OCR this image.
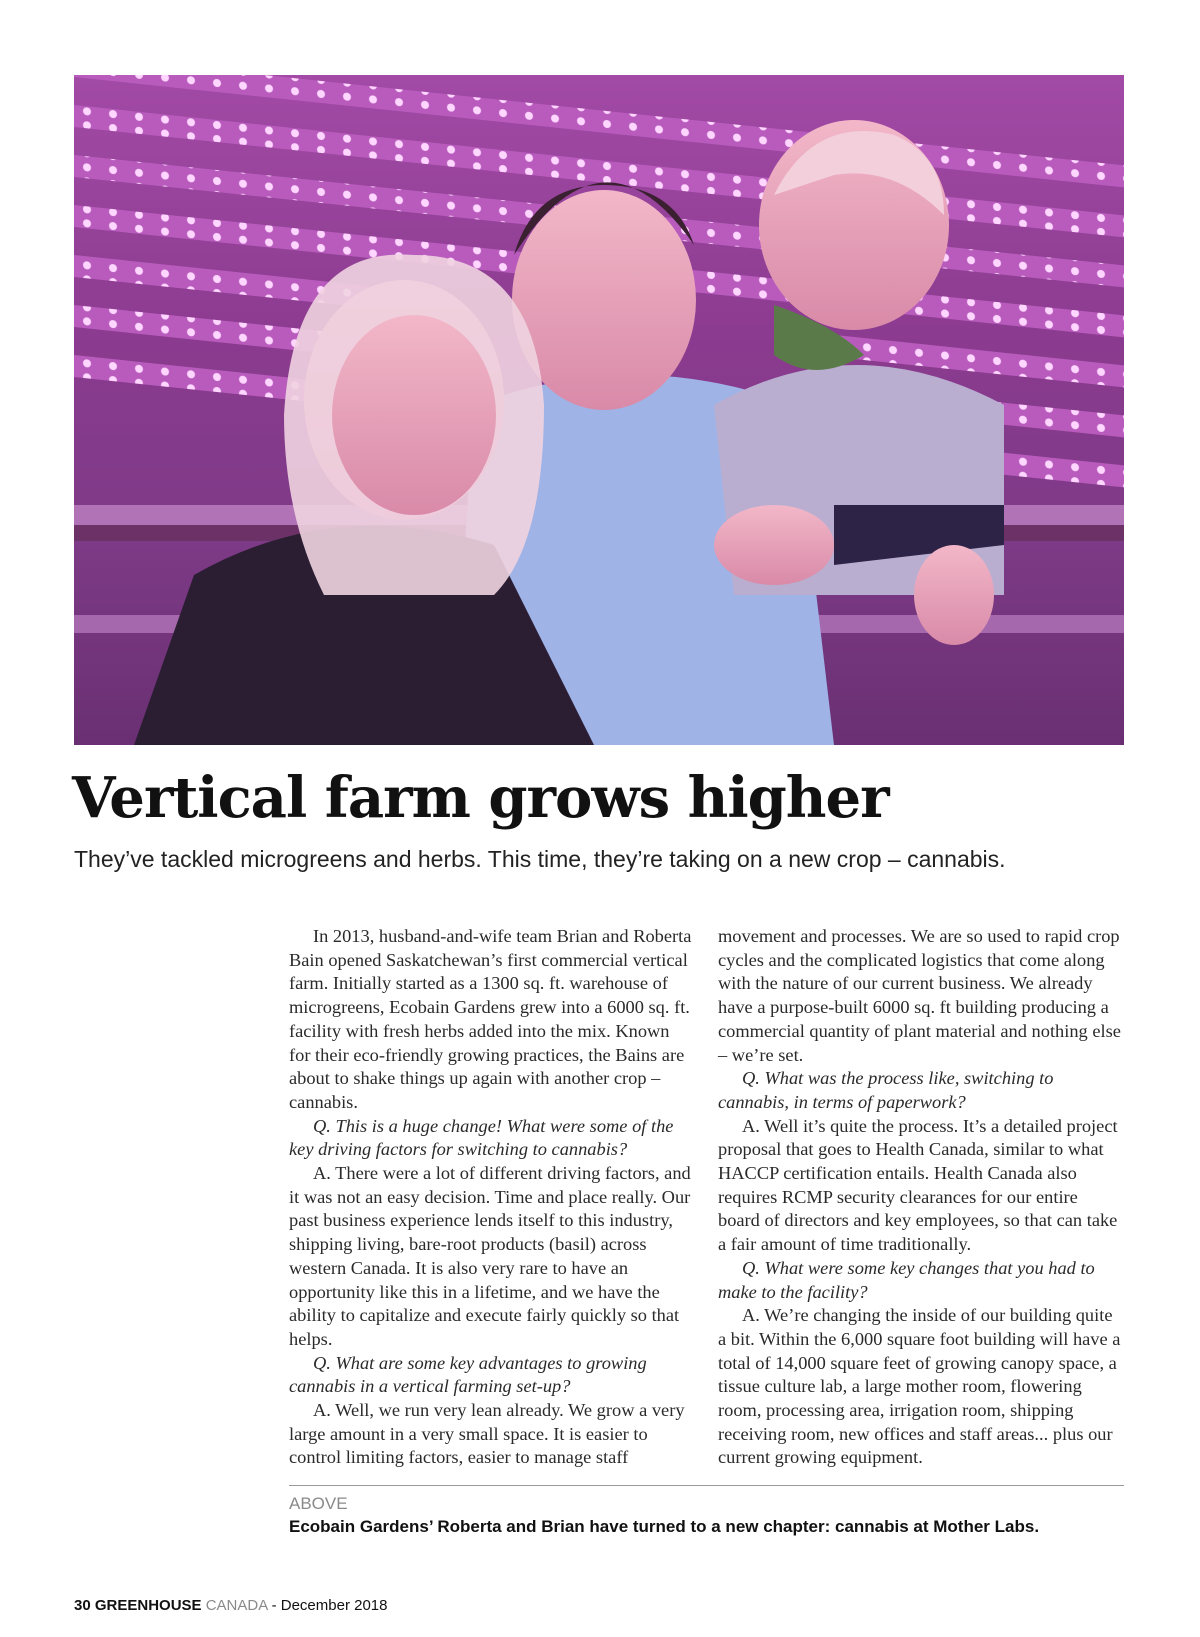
Vertical farm grows higher

They’ve tackled microgreens and herbs. This time, they’re taking on a new crop – cannabis.

In 2013, husband-and-wife team Brian and Roberta Bain opened Saskatchewan’s first commercial vertical farm. Initially started as a 1300 sq. ft. warehouse of microgreens, Ecobain Gardens grew into a 6000 sq. ft. facility with fresh herbs added into the mix. Known for their eco-friendly growing practices, the Bains are about to shake things up again with another crop – cannabis.

Q. This is a huge change! What were some of the key driving factors for switching to cannabis?

A. There were a lot of different driving factors, and it was not an easy decision. Time and place really. Our past business experience lends itself to this industry, shipping living, bare-root products (basil) across western Canada. It is also very rare to have an opportunity like this in a lifetime, and we have the ability to capitalize and execute fairly quickly so that helps.

Q. What are some key advantages to growing cannabis in a vertical farming set-up?

A. Well, we run very lean already. We grow a very large amount in a very small space. It is easier to control limiting factors, easier to manage staff

movement and processes. We are so used to rapid crop cycles and the complicated logistics that come along with the nature of our current business. We already have a purpose-built 6000 sq. ft building producing a commercial quantity of plant material and nothing else – we’re set.

Q. What was the process like, switching to cannabis, in terms of paperwork?

A. Well it’s quite the process. It’s a detailed project proposal that goes to Health Canada, similar to what HACCP certification entails. Health Canada also requires RCMP security clearances for our entire board of directors and key employees, so that can take a fair amount of time traditionally.

Q. What were some key changes that you had to make to the facility?

A. We’re changing the inside of our building quite a bit. Within the 6,000 square foot building will have a total of 14,000 square feet of growing canopy space, a tissue culture lab, a large mother room, flowering room, processing area, irrigation room, shipping receiving room, new offices and staff areas... plus our current growing equipment.

ABOVE
Ecobain Gardens’ Roberta and Brian have turned to a new chapter: cannabis at Mother Labs.
30 GREENHOUSE CANADA - December 2018
